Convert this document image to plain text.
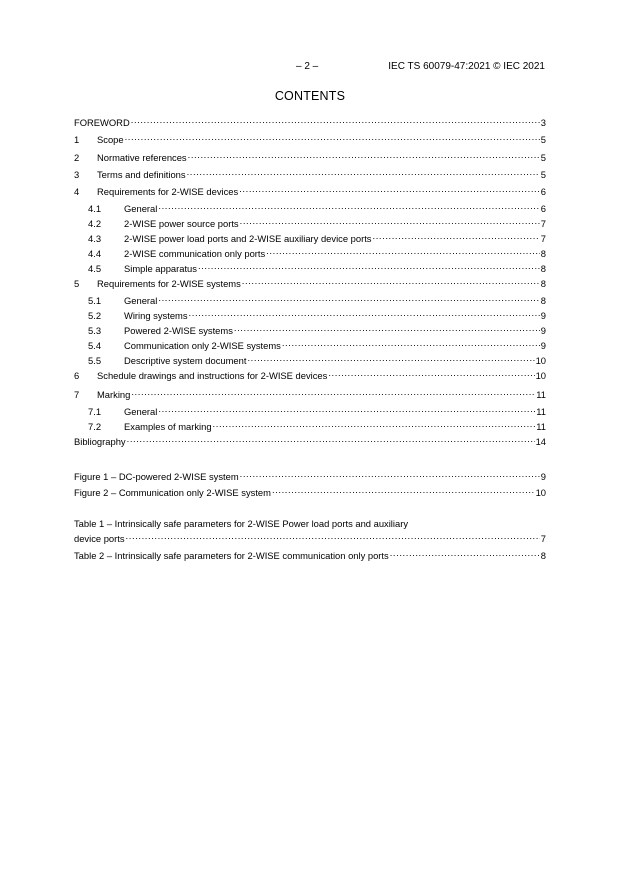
– 2 –	IEC TS 60079-47:2021 © IEC 2021
CONTENTS
FOREWORD .....	3
1	Scope .....	5
2	Normative references .....	5
3	Terms and definitions .....	5
4	Requirements for 2-WISE devices .....	6
4.1	General .....	6
4.2	2-WISE power source ports .....	7
4.3	2-WISE power load ports and 2-WISE auxiliary device ports .....	7
4.4	2-WISE communication only ports .....	8
4.5	Simple apparatus .....	8
5	Requirements for 2-WISE systems .....	8
5.1	General .....	8
5.2	Wiring systems .....	9
5.3	Powered 2-WISE systems .....	9
5.4	Communication only 2-WISE systems .....	9
5.5	Descriptive system document .....	10
6	Schedule drawings and instructions for 2-WISE devices .....	10
7	Marking .....	11
7.1	General .....	11
7.2	Examples of marking .....	11
Bibliography .....	14
Figure 1 – DC-powered 2-WISE system .....	9
Figure 2 – Communication only 2-WISE system .....	10
Table 1 – Intrinsically safe parameters for 2-WISE Power load ports and auxiliary
device ports .....	7
Table 2 – Intrinsically safe parameters for 2-WISE communication only ports .....	8
